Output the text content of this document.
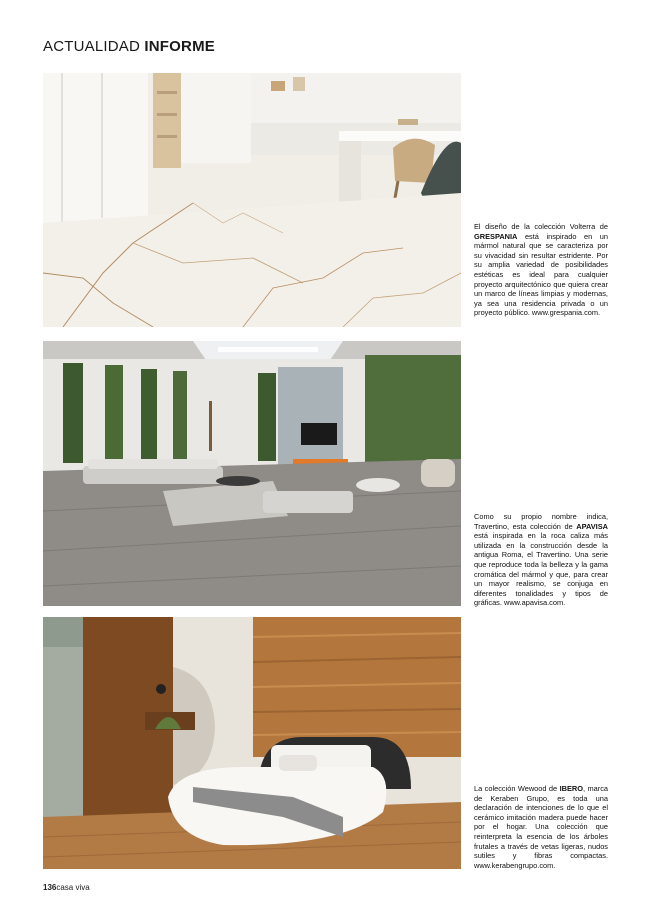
ACTUALIDAD INFORME
El diseño de la colección Volterra de GRESPANIA está inspirado en un mármol natural que se caracteriza por su vivacidad sin resultar estridente. Por su amplia variedad de posibilidades estéticas es ideal para cualquier proyecto arquitectónico que quiera crear un marco de líneas limpias y modernas, ya sea una residencia privada o un proyecto público. www.grespania.com.
Como su propio nombre indica, Travertino, esta colección de APAVISA está inspirada en la roca caliza más utilizada en la construcción desde la antigua Roma, el Travertino. Una serie que reproduce toda la belleza y la gama cromática del mármol y que, para crear un mayor realismo, se conjuga en diferentes tonalidades y tipos de gráficas. www.apavisa.com.
La colección Wewood de IBERO, marca de Keraben Grupo, es toda una declaración de intenciones de lo que el cerámico imitación madera puede hacer por el hogar. Una colección que reinterpreta la esencia de los árboles frutales a través de vetas ligeras, nudos sutiles y fibras compactas. www.kerabengrupo.com.
136casa viva
